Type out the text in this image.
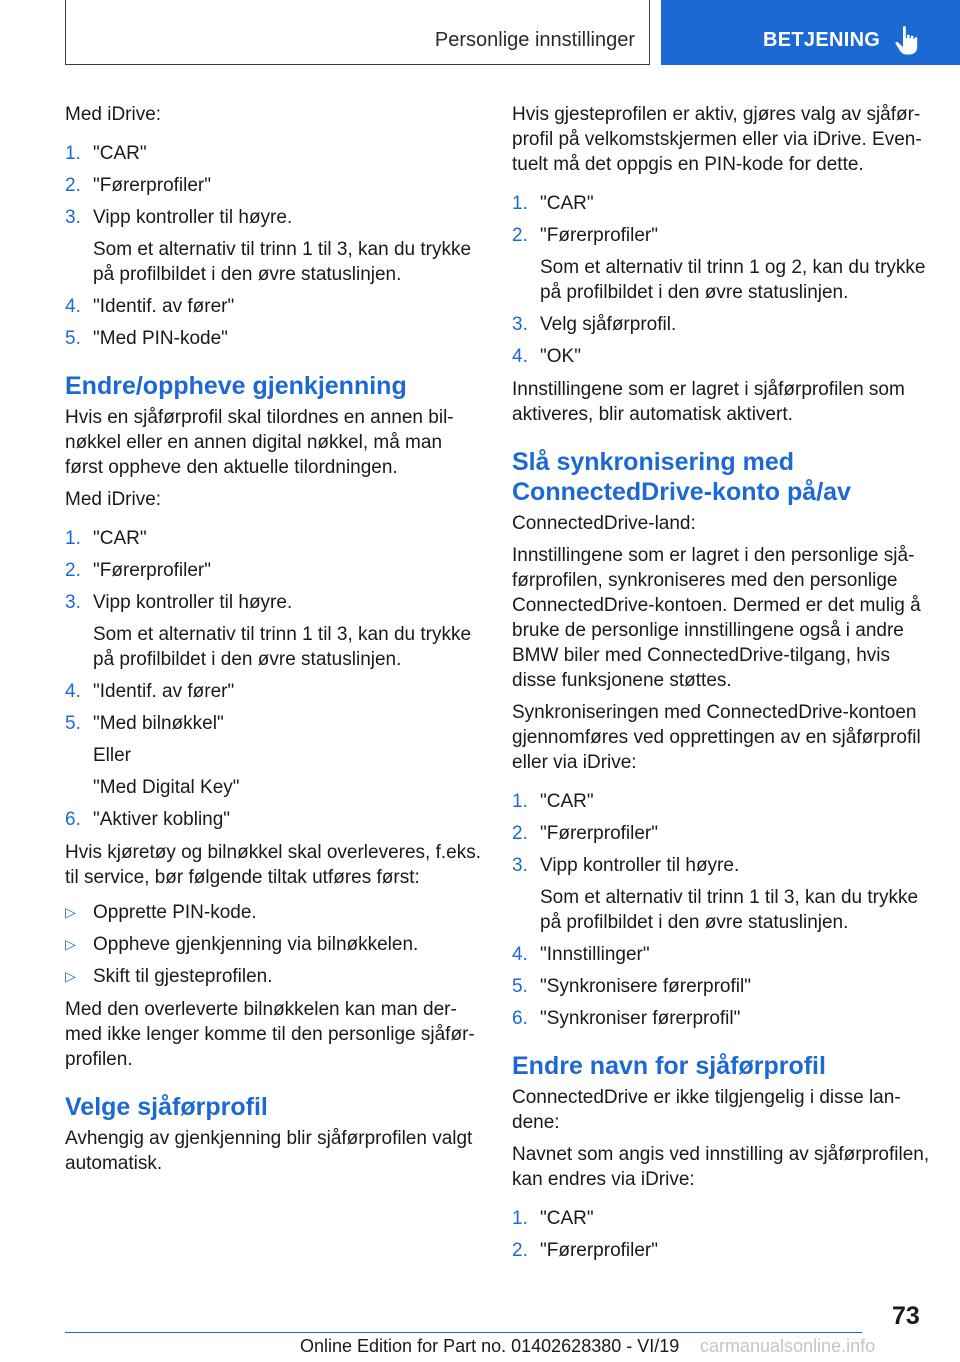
Personlige innstillinger	BETJENING

Med iDrive:

1. "CAR"
2. "Førerprofiler"
3. Vipp kontroller til høyre.
Som et alternativ til trinn 1 til 3, kan du trykke på profilbildet i den øvre statuslinjen.
4. "Identif. av fører"
5. "Med PIN-kode"
Endre/oppheve gjenkjenning

Hvis en sjåførprofil skal tilordnes en annen bilnøkkel eller en annen digital nøkkel, må man først oppheve den aktuelle tilordningen.

Med iDrive:

1. "CAR"
2. "Førerprofiler"
3. Vipp kontroller til høyre.
Som et alternativ til trinn 1 til 3, kan du trykke på profilbildet i den øvre statuslinjen.
4. "Identif. av fører"
5. "Med bilnøkkel"
Eller
"Med Digital Key"
6. "Aktiver kobling"

Hvis kjøretøy og bilnøkkel skal overleveres, f.eks. til service, bør følgende tiltak utføres først:

▷ Opprette PIN-kode.
▷ Oppheve gjenkjenning via bilnøkkelen.
▷ Skift til gjesteprofilen.

Med den overleverte bilnøkkelen kan man dermed ikke lenger komme til den personlige sjåførprofilen.

Velge sjåførprofil

Avhengig av gjenkjenning blir sjåførprofilen valgt automatisk.

Hvis gjesteprofilen er aktiv, gjøres valg av sjåførprofil på velkomstskjermen eller via iDrive. Eventuelt må det oppgis en PIN-kode for dette.

1. "CAR"
2. "Førerprofiler"
Som et alternativ til trinn 1 og 2, kan du trykke på profilbildet i den øvre statuslinjen.
3. Velg sjåførprofil.
4. "OK"

Innstillingene som er lagret i sjåførprofilen som aktiveres, blir automatisk aktivert.

Slå synkronisering med ConnectedDrive-konto på/av

ConnectedDrive-land:

Innstillingene som er lagret i den personlige sjåførprofilen, synkroniseres med den personlige ConnectedDrive-kontoen. Dermed er det mulig å bruke de personlige innstillingene også i andre BMW biler med ConnectedDrive-tilgang, hvis disse funksjonene støttes.

Synkroniseringen med ConnectedDrive-kontoen gjennomføres ved opprettingen av en sjåførprofil eller via iDrive:

1. "CAR"
2. "Førerprofiler"
3. Vipp kontroller til høyre.
Som et alternativ til trinn 1 til 3, kan du trykke på profilbildet i den øvre statuslinjen.
4. "Innstillinger"
5. "Synkronisere førerprofil"
6. "Synkroniser førerprofil"
Endre navn for sjåførprofil

ConnectedDrive er ikke tilgjengelig i disse landene:

Navnet som angis ved innstilling av sjåførprofilen, kan endres via iDrive:

1. "CAR"
2. "Førerprofiler"
73
Online Edition for Part no. 01402628380 - VI/19 carmanualsonline.info
